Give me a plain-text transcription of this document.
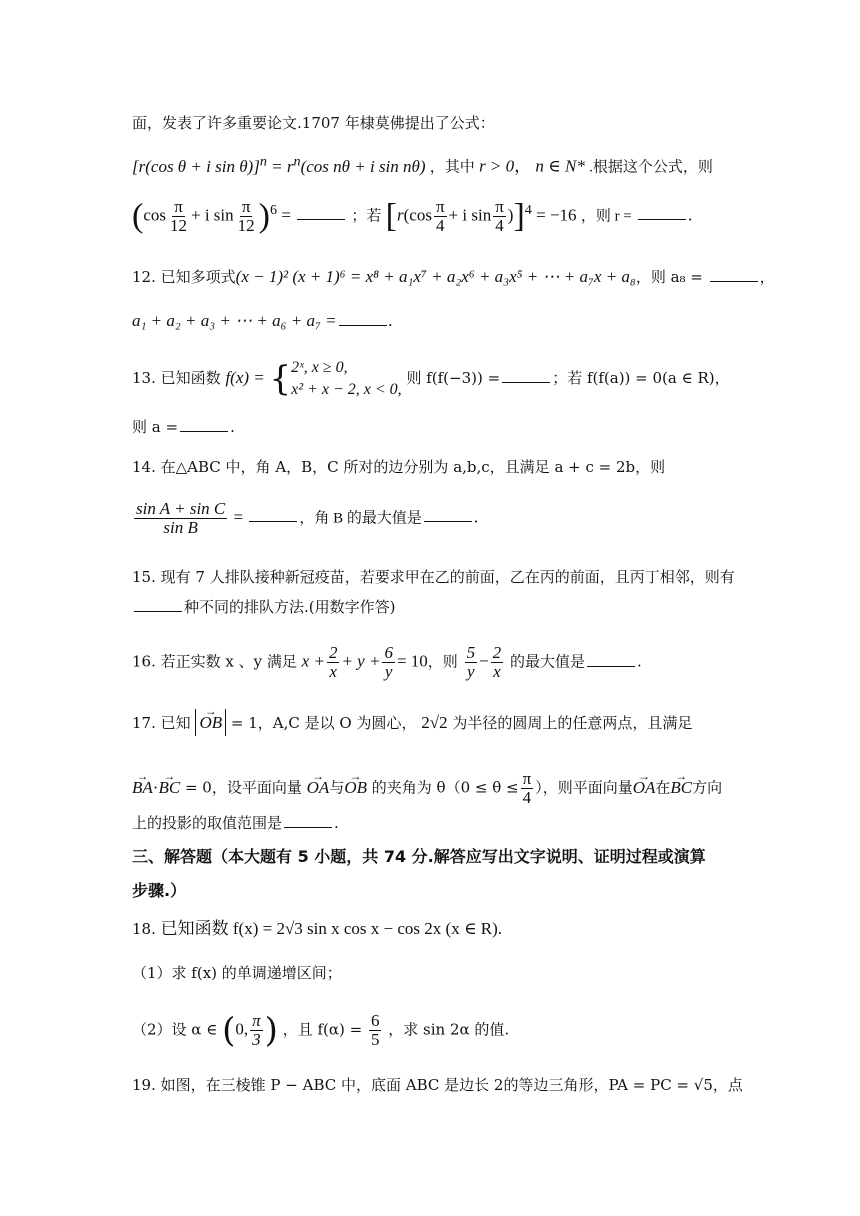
面，发表了许多重要论文.1707 年棣莫佛提出了公式：
[r(cos θ + i $\sin \theta)]^n = r^n(\cos$ nθ + i sin nθ) ，其中 r > 0， n ∈ N* .根据这个公式，则
($\cos \frac{\pi}{12} + i$ $\sin \frac{\pi}{12} )^6$ =	；若 [$r(\cos \frac{\pi}{4} + i$ $\sin \frac{\pi}{4} )]^4 = -16$ ，则 r =	.
12. 已知多项式(x − 1)² (x + 1)⁶ = x⁸ + a₁x⁷ + a₂x⁶ + a₃x⁵ + ⋯ + a₇x + a₈，则 a₈ =	，
a₁ + a₂ + a₃ + ⋯ + a₆ + a₇ =	.
13. 已知函数 f(x) = { 2ˣ, x ≥ 0,
x² + x − 2, x < 0,
则 f(f(−3)) =	；若 f(f(a)) = 0(a ∈ R)，
则 a =	.
14. 在△ABC 中，角 A，B，C 所对的边分别为 a,b,c，且满足 a + c = 2b，则
$\frac{\text{sin A + sin C}}{\text{sin B}}$ =	，角 B 的最大值是	.
15. 现有 7 人排队接种新冠疫苗，若要求甲在乙的前面，乙在丙的前面，且丙丁相邻，则有
种不同的排队方法.(用数字作答)
16. 若正实数 x 、y 满足 $x + \frac{2}{x} + y + \frac{6}{y} = 10$，则 $\frac{5}{y} - \frac{2}{x}$ 的最大值是	.
17. 已知 → OB = 1，A,C 是以 O 为圆心， 2√2 为半径的圆周上的任意两点，且满足
→ BA·→ BC = 0，设平面向量 → OA与→ OB 的夹角为 $\theta(0 \le \theta \le \frac{\pi}{4}$ ），则平面向量→ OA在→ BC方向
上的投影的取值范围是	.
三、解答题（本大题有 5 小题，共 74 分.解答应写出文字说明、证明过程或演算
步骤.）
18. 已知函数 f(x) = 2√3 sin x cos x − cos 2x (x ∈ R).
（1）求 f(x) 的单调递增区间；
（2）设 α ∈ (0, $\frac{\pi}{3}$ ) ，且 $f(\alpha) = \frac{6}{5}$ ，求 sin 2α 的值.
19. 如图，在三棱锥 P − ABC 中，底面 ABC 是边长 2的等边三角形，PA = PC = √5，点
